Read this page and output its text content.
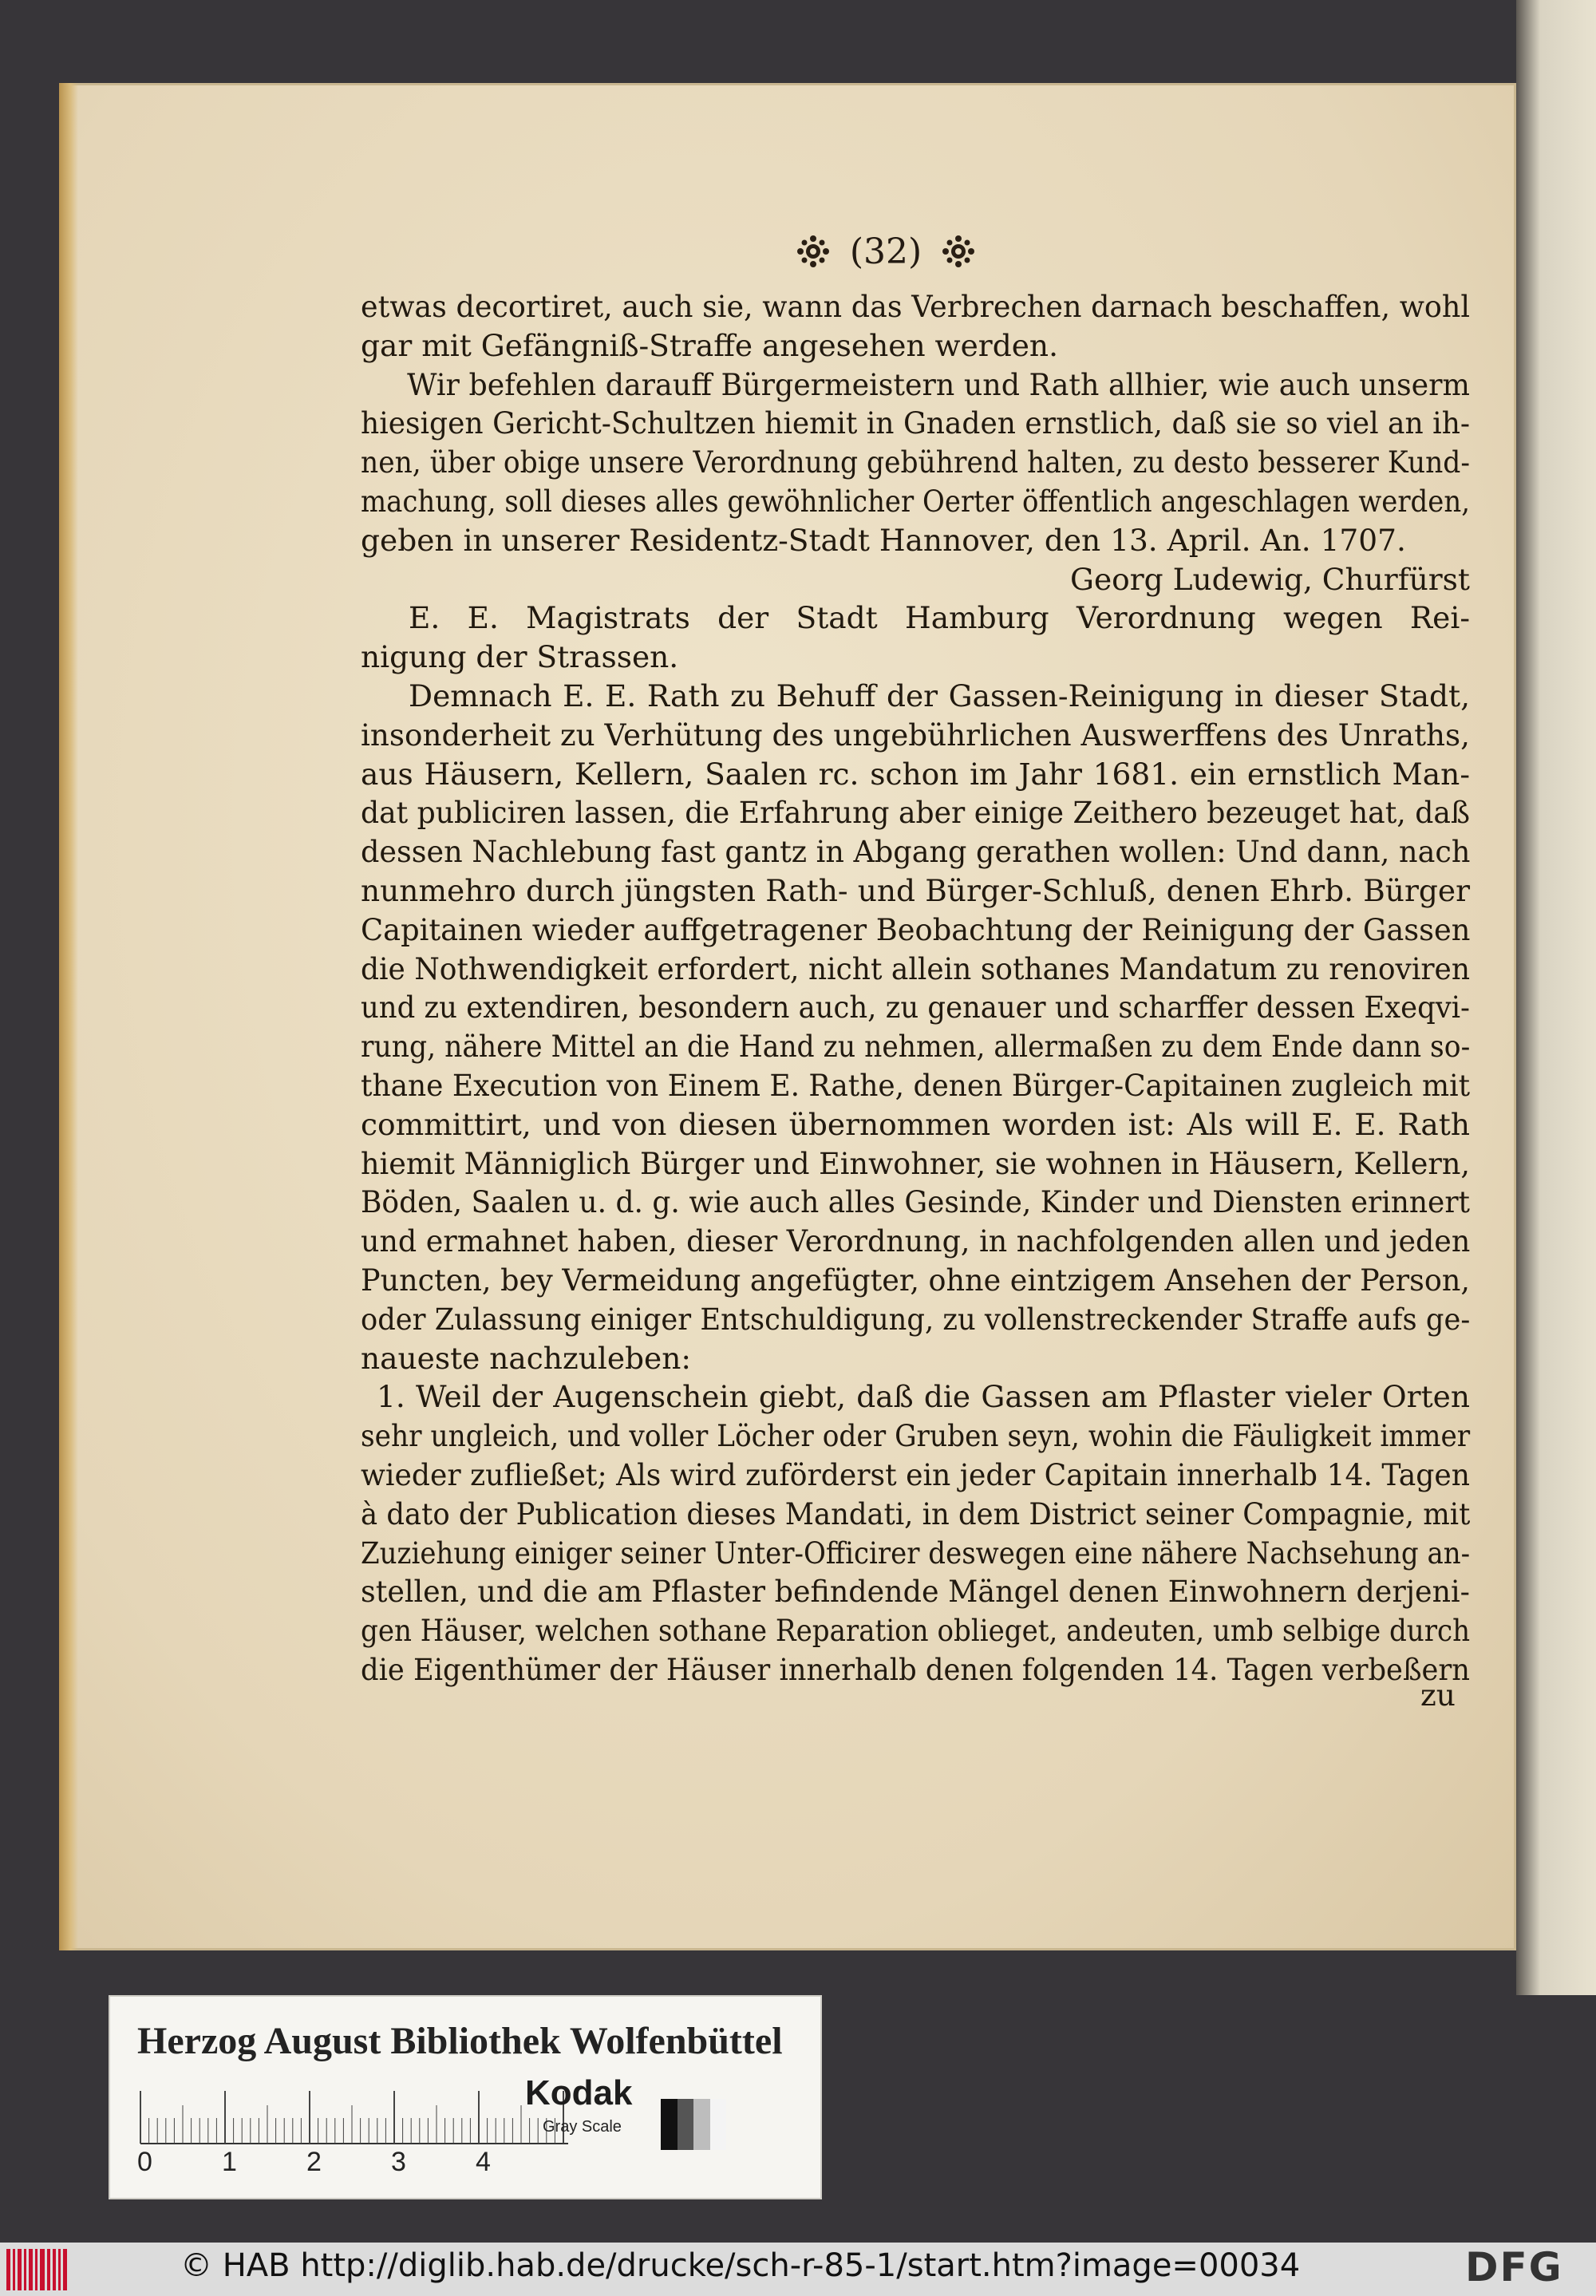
(32)
etwas decortiret, auch sie, wann das Verbrechen darnach beschaffen, wohl
gar mit Gefängniß-Straffe angesehen werden.
Wir befehlen darauff Bürgermeistern und Rath allhier, wie auch unserm
hiesigen Gericht-Schultzen hiemit in Gnaden ernstlich, daß sie so viel an ih-
nen, über obige unsere Verordnung gebührend halten, zu desto besserer Kund-
machung, soll dieses alles gewöhnlicher Oerter öffentlich angeschlagen werden,
geben in unserer Residentz-Stadt Hannover, den 13. April. An. 1707.
Georg Ludewig, Churfürst
E. E. Magistrats der Stadt Hamburg Verordnung wegen Rei-
nigung der Strassen.
Demnach E. E. Rath zu Behuff der Gassen-Reinigung in dieser Stadt,
insonderheit zu Verhütung des ungebührlichen Auswerffens des Unraths,
aus Häusern, Kellern, Saalen rc. schon im Jahr 1681. ein ernstlich Man-
dat publiciren lassen, die Erfahrung aber einige Zeithero bezeuget hat, daß
dessen Nachlebung fast gantz in Abgang gerathen wollen: Und dann, nach
nunmehro durch jüngsten Rath- und Bürger-Schluß, denen Ehrb. Bürger
Capitainen wieder auffgetragener Beobachtung der Reinigung der Gassen
die Nothwendigkeit erfordert, nicht allein sothanes Mandatum zu renoviren
und zu extendiren, besondern auch, zu genauer und scharffer dessen Exeqvi-
rung, nähere Mittel an die Hand zu nehmen, allermaßen zu dem Ende dann so-
thane Execution von Einem E. Rathe, denen Bürger-Capitainen zugleich mit
committirt, und von diesen übernommen worden ist: Als will E. E. Rath
hiemit Männiglich Bürger und Einwohner, sie wohnen in Häusern, Kellern,
Böden, Saalen u. d. g. wie auch alles Gesinde, Kinder und Diensten erinnert
und ermahnet haben, dieser Verordnung, in nachfolgenden allen und jeden
Puncten, bey Vermeidung angefügter, ohne eintzigem Ansehen der Person,
oder Zulassung einiger Entschuldigung, zu vollenstreckender Straffe aufs ge-
naueste nachzuleben:
1. Weil der Augenschein giebt, daß die Gassen am Pflaster vieler Orten
sehr ungleich, und voller Löcher oder Gruben seyn, wohin die Fäuligkeit immer
wieder zufließet; Als wird zuförderst ein jeder Capitain innerhalb 14. Tagen
à dato der Publication dieses Mandati, in dem District seiner Compagnie, mit
Zuziehung einiger seiner Unter-Officirer deswegen eine nähere Nachsehung an-
stellen, und die am Pflaster befindende Mängel denen Einwohnern derjeni-
gen Häuser, welchen sothane Reparation oblieget, andeuten, umb selbige durch
die Eigenthümer der Häuser innerhalb denen folgenden 14. Tagen verbeßern
zu
Herzog August Bibliothek Wolfenbüttel
0	1	2	3	4
Kodak
Gray Scale
© HAB http://diglib.hab.de/drucke/sch-r-85-1/start.htm?image=00034	DFG
